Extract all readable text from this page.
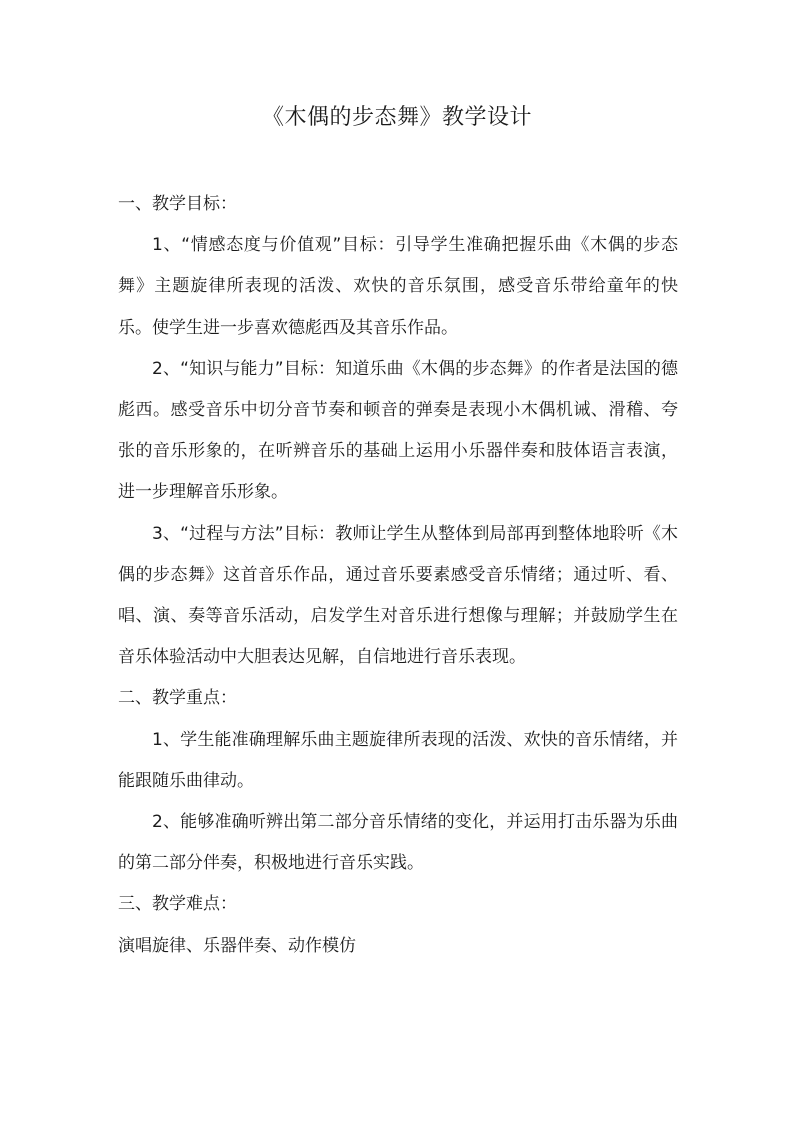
《木偶的步态舞》教学设计

一、教学目标：

1、“情感态度与价值观”目标：引导学生准确把握乐曲《木偶的步态舞》主题旋律所表现的活泼、欢快的音乐氛围，感受音乐带给童年的快乐。使学生进一步喜欢德彪西及其音乐作品。

2、“知识与能力”目标：知道乐曲《木偶的步态舞》的作者是法国的德彪西。感受音乐中切分音节奏和顿音的弹奏是表现小木偶机诫、滑稽、夸张的音乐形象的，在听辨音乐的基础上运用小乐器伴奏和肢体语言表演，进一步理解音乐形象。

3、“过程与方法”目标：教师让学生从整体到局部再到整体地聆听《木偶的步态舞》这首音乐作品，通过音乐要素感受音乐情绪；通过听、看、唱、演、奏等音乐活动，启发学生对音乐进行想像与理解；并鼓励学生在音乐体验活动中大胆表达见解，自信地进行音乐表现。

二、教学重点：

1、学生能准确理解乐曲主题旋律所表现的活泼、欢快的音乐情绪，并能跟随乐曲律动。

2、能够准确听辨出第二部分音乐情绪的变化，并运用打击乐器为乐曲的第二部分伴奏，积极地进行音乐实践。

三、教学难点：

演唱旋律、乐器伴奏、动作模仿
